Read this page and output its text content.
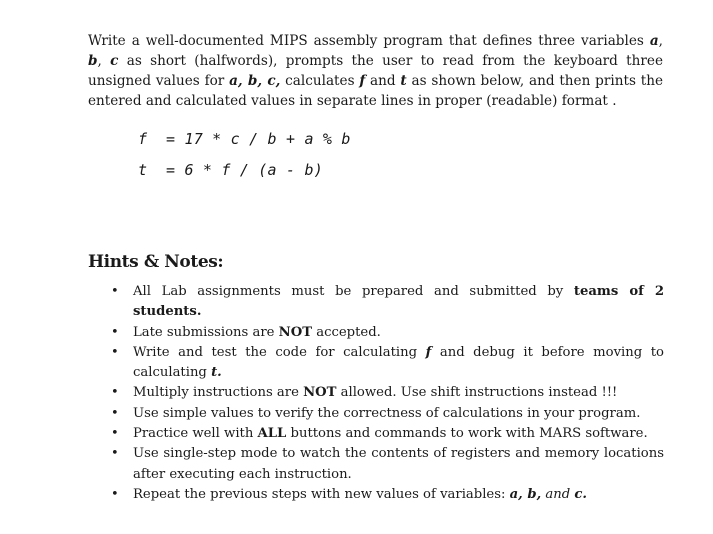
Write a well-documented MIPS assembly program that defines three variables a, b, c as short (halfwords), prompts the user to read from the keyboard three unsigned values for a, b, c, calculates f and t as shown below, and then prints the entered and calculated values in separate lines in proper (readable) format .

f = 17 * c / b + a % b
t = 6 * f / (a - b)
Hints & Notes:
• All Lab assignments must be prepared and submitted by teams of 2 students.
• Late submissions are NOT accepted.
• Write and test the code for calculating f and debug it before moving to calculating t.
• Multiply instructions are NOT allowed. Use shift instructions instead !!!
• Use simple values to verify the correctness of calculations in your program.
• Practice well with ALL buttons and commands to work with MARS software.
• Use single-step mode to watch the contents of registers and memory locations after executing each instruction.
• Repeat the previous steps with new values of variables: a, b, and c.
